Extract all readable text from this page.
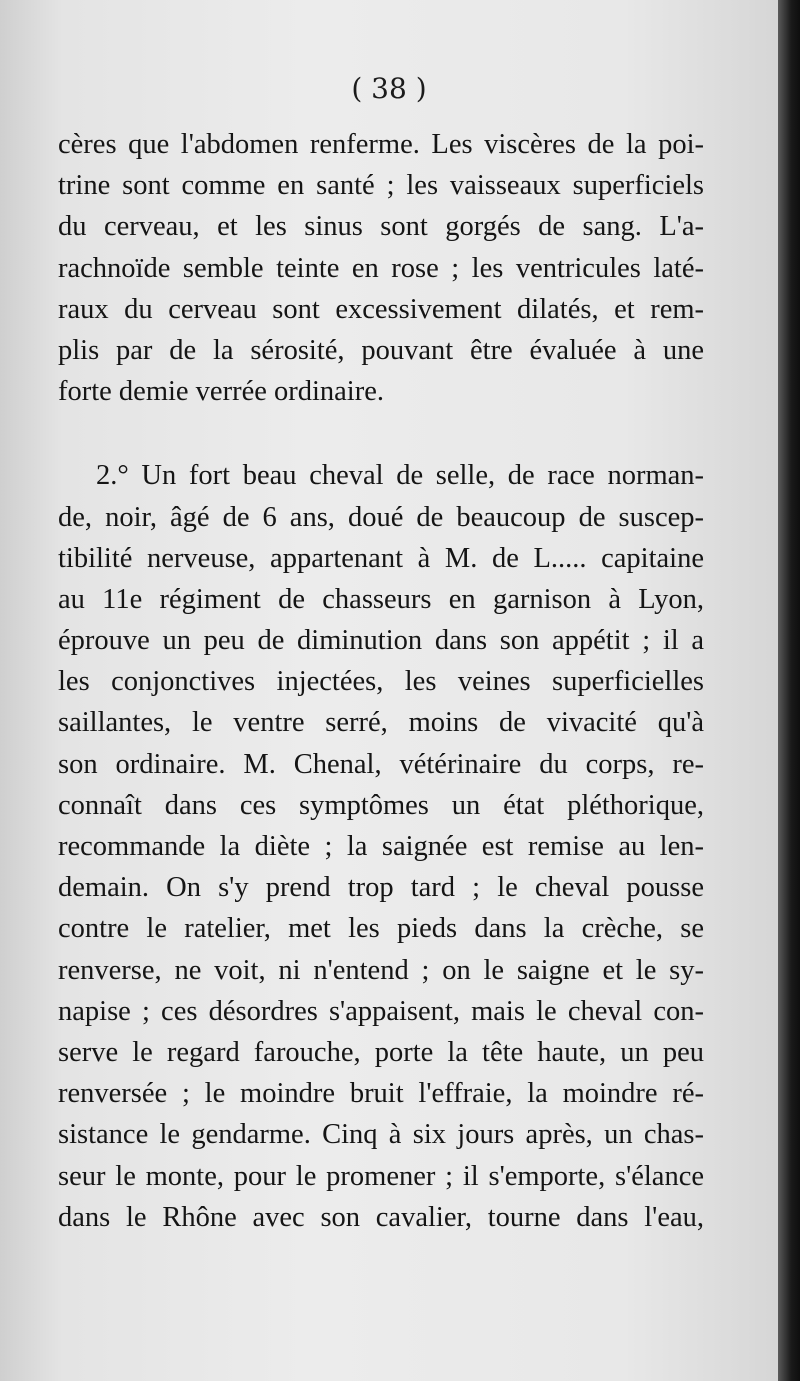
( 38 )
cères que l'abdomen renferme. Les viscères de la poi-
trine sont comme en santé ; les vaisseaux superficiels
du cerveau, et les sinus sont gorgés de sang. L'a-
rachnoïde semble teinte en rose ; les ventricules laté-
raux du cerveau sont excessivement dilatés, et rem-
plis par de la sérosité, pouvant être évaluée à une
forte demie verrée ordinaire.
2.° Un fort beau cheval de selle, de race norman-
de, noir, âgé de 6 ans, doué de beaucoup de suscep-
tibilité nerveuse, appartenant à M. de L..... capitaine
au 11e régiment de chasseurs en garnison à Lyon,
éprouve un peu de diminution dans son appétit ; il a
les conjonctives injectées, les veines superficielles
saillantes, le ventre serré, moins de vivacité qu'à
son ordinaire. M. Chenal, vétérinaire du corps, re-
connaît dans ces symptômes un état pléthorique,
recommande la diète ; la saignée est remise au len-
demain. On s'y prend trop tard ; le cheval pousse
contre le ratelier, met les pieds dans la crèche, se
renverse, ne voit, ni n'entend ; on le saigne et le sy-
napise ; ces désordres s'appaisent, mais le cheval con-
serve le regard farouche, porte la tête haute, un peu
renversée ; le moindre bruit l'effraie, la moindre ré-
sistance le gendarme. Cinq à six jours après, un chas-
seur le monte, pour le promener ; il s'emporte, s'élance
dans le Rhône avec son cavalier, tourne dans l'eau,
